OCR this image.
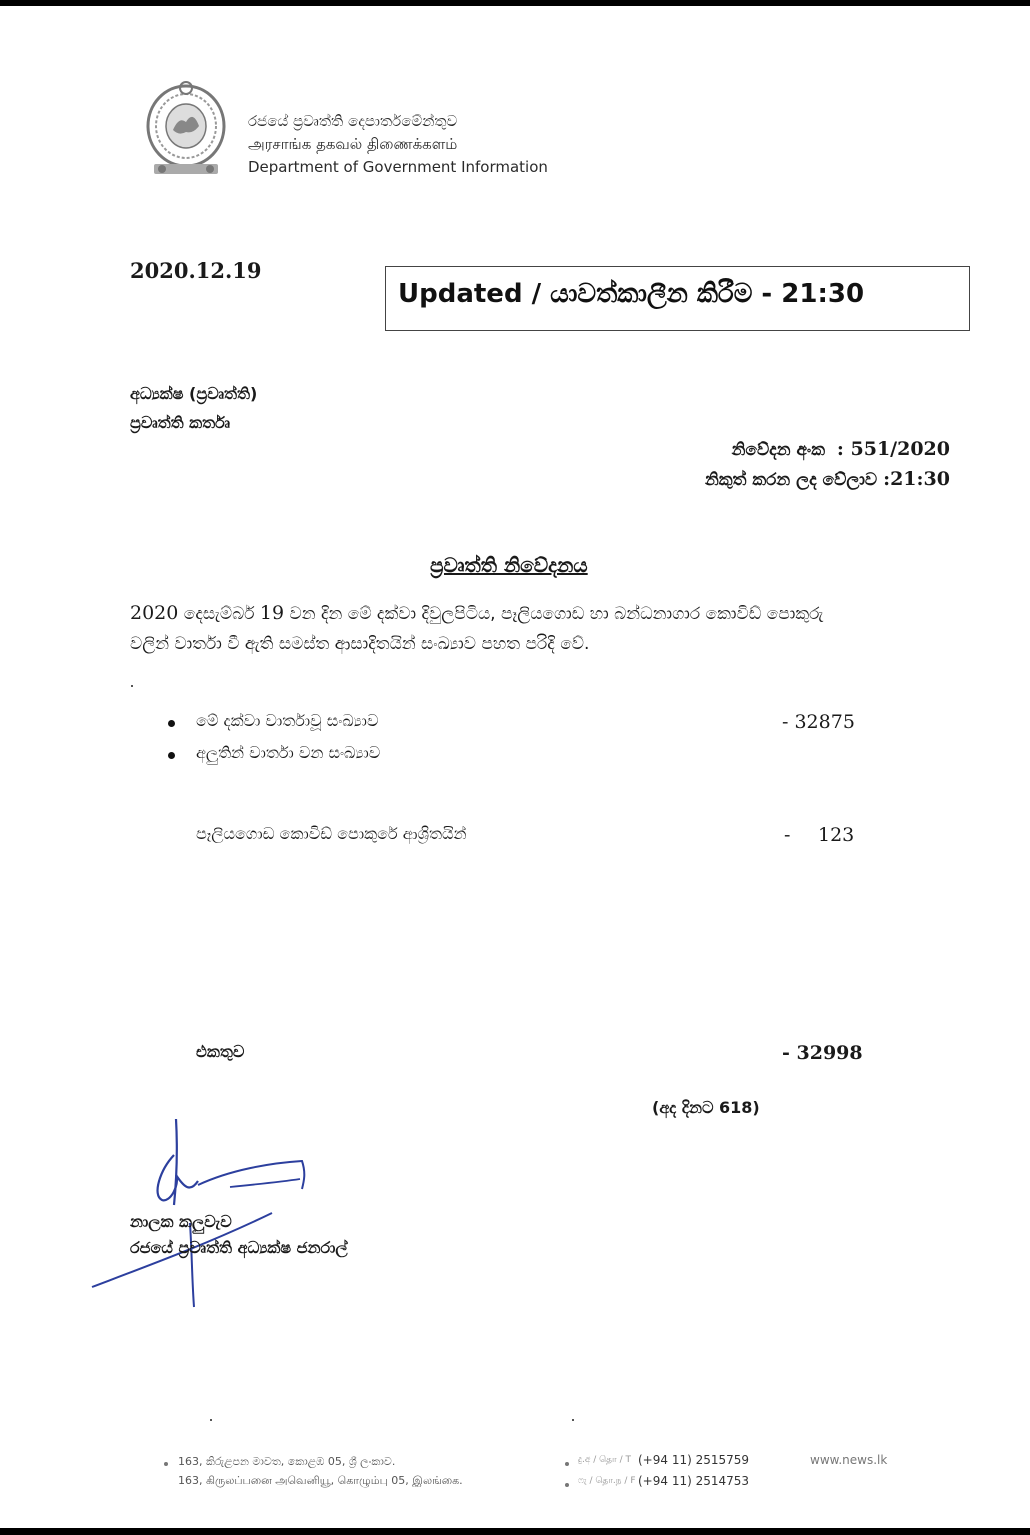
රජයේ ප්‍රවෘත්ති දෙපාර්තමේන්තුව
அரசாங்க தகவல் திணைக்களம்
Department of Government Information
2020.12.19
Updated / යාවත්කාලීන කිරීම - 21:30
අධ්‍යක්ෂ (ප්‍රවෘත්ති)
ප්‍රවෘත්ති කර්තෘ
නිවේදන අංක : 551/2020
නිකුත් කරන ලද වේලාව :21:30
ප්‍රවෘත්ති නිවේදනය
2020 දෙසැම්බර් 19 වන දින මේ දක්වා දිවුලපිටිය, පෑලියගොඩ හා බන්ධනාගාර කොවිඩ් පොකුරු
වලින් වාර්තා වී ඇති සමස්ත ආසාදිතයින් සංඛ්‍යාව පහත පරිදි වේ.
මේ දක්වා වාර්තාවූ සංඛ්‍යාව	- 32875
අලුතින් වාර්තා වන සංඛ්‍යාව
පෑලියගොඩ කොවිඩ් පොකුරේ ආශ්‍රිතයින්	- 123
එකතුව	- 32998
(අද දිනට 618)
නාලක කලුවැව
රජයේ ප්‍රවෘත්ති අධ්‍යක්ෂ ජනරාල්
163, කිරුළපන මාවත, කොළඹ 05, ශ්‍රී ලංකාව.
163, கிருலப்பனை அவெனியூ, கொழும்பு 05, இலங்கை.
දු.අ / தொ / T (+94 11) 2515759
ෆැ / தொ.ந / F (+94 11) 2514753
www.news.lk
